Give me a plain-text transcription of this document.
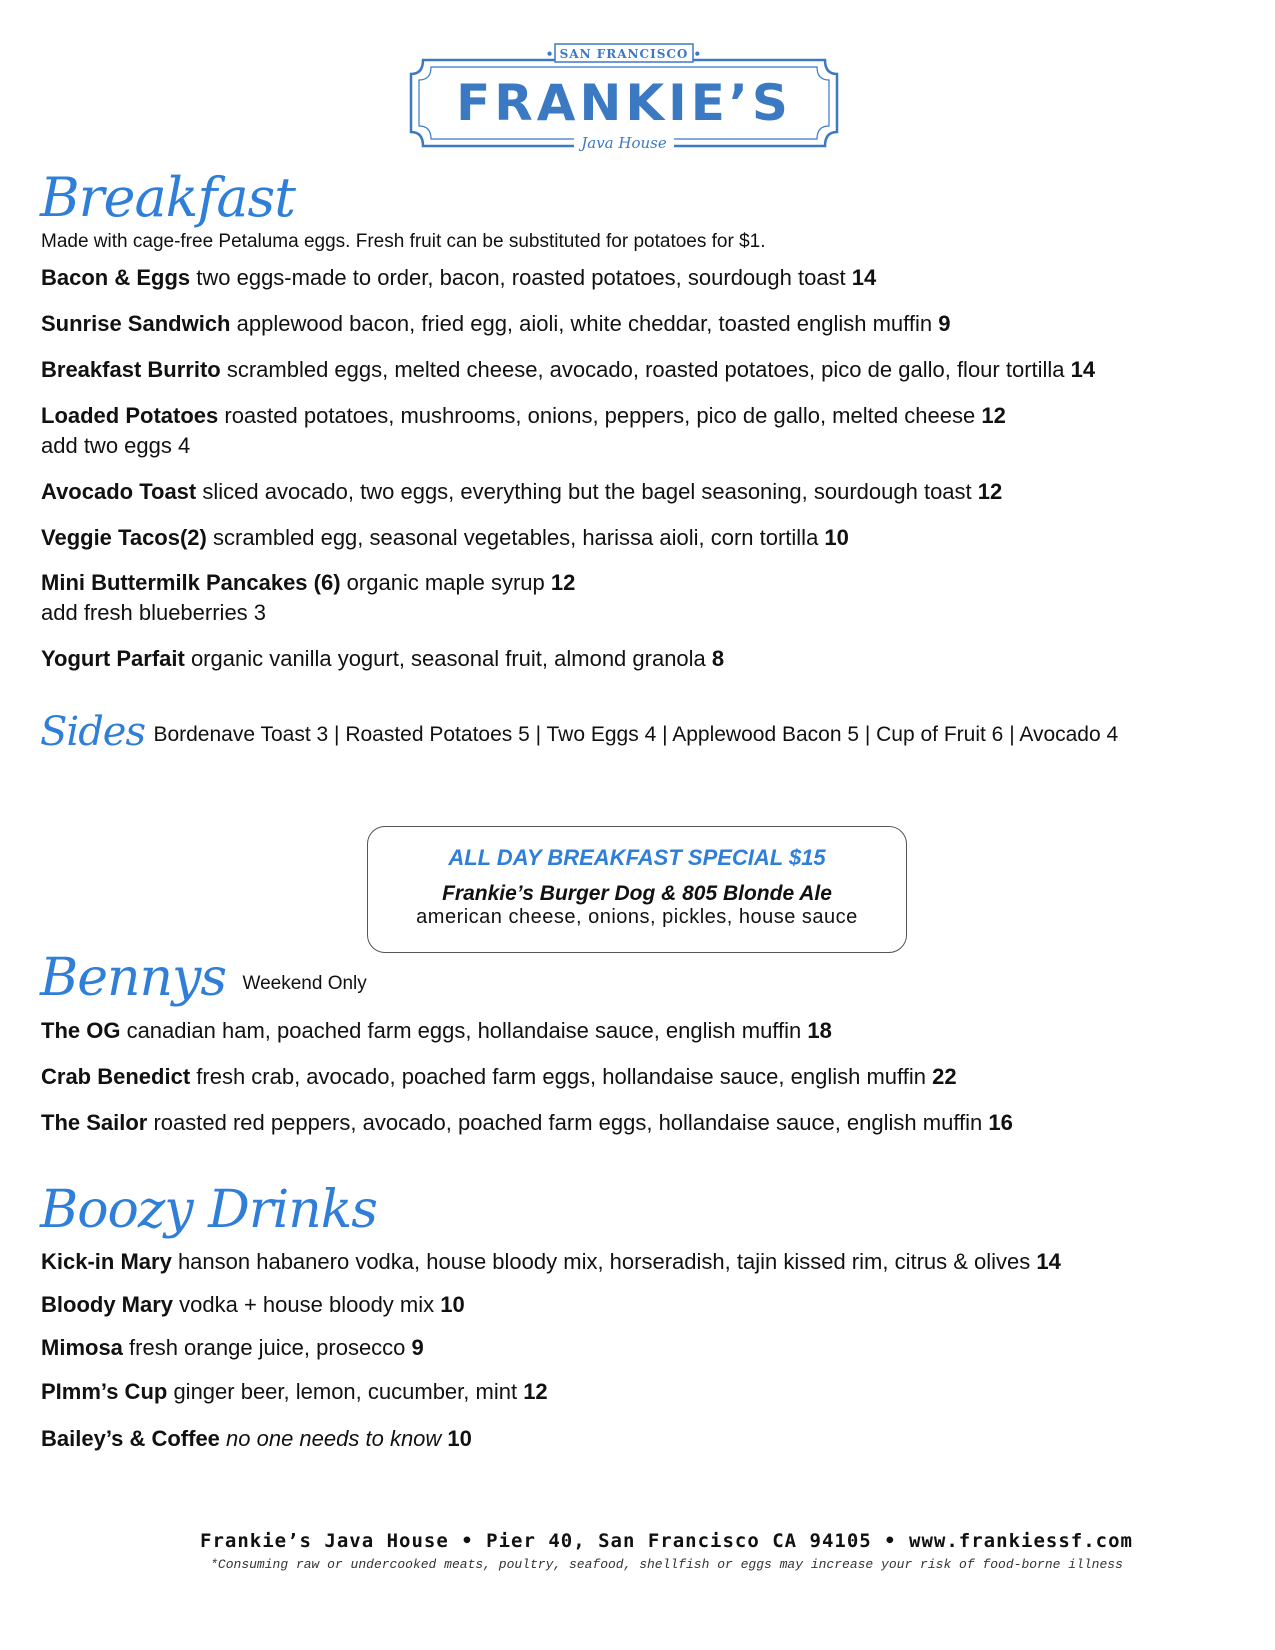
• SAN FRANCISCO •
FRANKIE’S
Java House
Breakfast

Made with cage-free Petaluma eggs. Fresh fruit can be substituted for potatoes for $1.

Bacon & Eggs two eggs-made to order, bacon, roasted potatoes, sourdough toast 14
Sunrise Sandwich applewood bacon, fried egg, aioli, white cheddar, toasted english muffin 9
Breakfast Burrito scrambled eggs, melted cheese, avocado, roasted potatoes, pico de gallo, flour tortilla 14
Loaded Potatoes roasted potatoes, mushrooms, onions, peppers, pico de gallo, melted cheese 12
add two eggs 4
Avocado Toast sliced avocado, two eggs, everything but the bagel seasoning, sourdough toast 12
Veggie Tacos(2) scrambled egg, seasonal vegetables, harissa aioli, corn tortilla 10
Mini Buttermilk Pancakes (6) organic maple syrup 12
add fresh blueberries 3
Yogurt Parfait organic vanilla yogurt, seasonal fruit, almond granola 8
Sides Bordenave Toast 3 | Roasted Potatoes 5 | Two Eggs 4 | Applewood Bacon 5 | Cup of Fruit 6 | Avocado 4
ALL DAY BREAKFAST SPECIAL $15
Frankie’s Burger Dog & 805 Blonde Ale
american cheese, onions, pickles, house sauce
Bennys Weekend Only
The OG canadian ham, poached farm eggs, hollandaise sauce, english muffin 18
Crab Benedict fresh crab, avocado, poached farm eggs, hollandaise sauce, english muffin 22
The Sailor roasted red peppers, avocado, poached farm eggs, hollandaise sauce, english muffin 16
Boozy Drinks
Kick-in Mary hanson habanero vodka, house bloody mix, horseradish, tajin kissed rim, citrus & olives 14
Bloody Mary vodka + house bloody mix 10
Mimosa fresh orange juice, prosecco 9
PImm’s Cup ginger beer, lemon, cucumber, mint 12
Bailey’s & Coffee no one needs to know 10
Frankie’s Java House • Pier 40, San Francisco CA 94105 • www.frankiessf.com
*Consuming raw or undercooked meats, poultry, seafood, shellfish or eggs may increase your risk of food-borne illness
